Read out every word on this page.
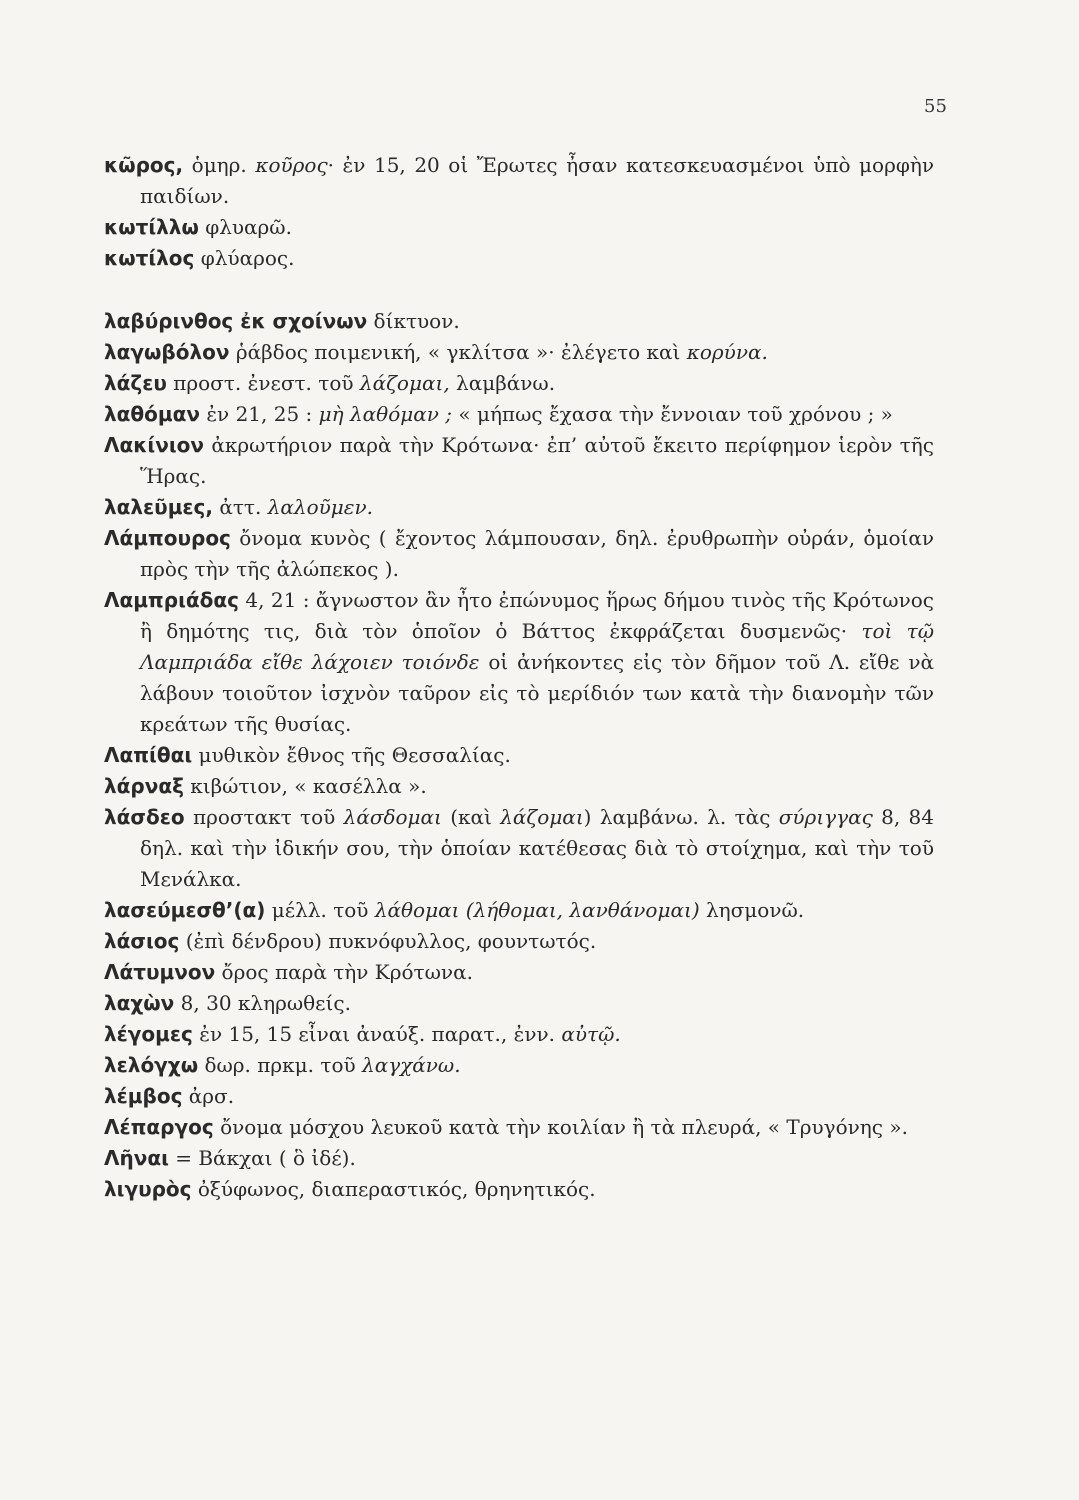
55
κῶρος, ὁμηρ. κοῦρος· ἐν 15, 20 οἱ Ἔρωτες ἦσαν κατεσκευασμένοι ὑπὸ μορφὴν παιδίων.
κωτίλλω φλυαρῶ.
κωτίλος φλύαρος.
λαβύρινθος ἐκ σχοίνων δίκτυον.
λαγωβόλον ῥάβδος ποιμενική, « γκλίτσα »· ἐλέγετο καὶ κορύνα.
λάζευ προστ. ἐνεστ. τοῦ λάζομαι, λαμβάνω.
λαθόμαν ἐν 21, 25 : μὴ λαθόμαν ; « μήπως ἔχασα τὴν ἔννοιαν τοῦ χρόνου ; »
Λακίνιον ἀκρωτήριον παρὰ τὴν Κρότωνα· ἐπ’ αὐτοῦ ἔκειτο περίφημον ἱερὸν τῆς Ἥρας.
λαλεῦμες, ἀττ. λαλοῦμεν.
Λάμπουρος ὄνομα κυνὸς ( ἔχοντος λάμπουσαν, δηλ. ἐρυθρωπὴν οὐράν, ὁμοίαν πρὸς τὴν τῆς ἀλώπεκος ).
Λαμπριάδας 4, 21 : ἄγνωστον ἂν ἦτο ἐπώνυμος ἥρως δήμου τινὸς τῆς Κρότωνος ἢ δημότης τις, διὰ τὸν ὁποῖον ὁ Βάττος ἐκφράζεται δυσμενῶς· τοὶ τῷ Λαμπριάδα εἴθε λάχοιεν τοιόνδε οἱ ἀνήκοντες εἰς τὸν δῆμον τοῦ Λ. εἴθε νὰ λάβουν τοιοῦτον ἰσχνὸν ταῦρον εἰς τὸ μερίδιόν των κατὰ τὴν διανομὴν τῶν κρεάτων τῆς θυσίας.
Λαπίθαι μυθικὸν ἔθνος τῆς Θεσσαλίας.
λάρναξ κιβώτιον, « κασέλλα ».
λάσδεο προστακτ τοῦ λάσδομαι (καὶ λάζομαι) λαμβάνω. λ. τὰς σύριγγας 8, 84 δηλ. καὶ τὴν ἰδικήν σου, τὴν ὁποίαν κατέθεσας διὰ τὸ στοίχημα, καὶ τὴν τοῦ Μενάλκα.
λασεύμεσθ’(α) μέλλ. τοῦ λάθομαι (λήθομαι, λανθάνομαι) λησμονῶ.
λάσιος (ἐπὶ δένδρου) πυκνόφυλλος, φουντωτός.
Λάτυμνον ὄρος παρὰ τὴν Κρότωνα.
λαχὼν 8, 30 κληρωθείς.
λέγομες ἐν 15, 15 εἶναι ἀναύξ. παρατ., ἐνν. αὐτῷ.
λελόγχω δωρ. πρκμ. τοῦ λαγχάνω.
λέμβος ἀρσ.
Λέπαργος ὄνομα μόσχου λευκοῦ κατὰ τὴν κοιλίαν ἢ τὰ πλευρά, « Τρυγόνης ».
Λῆναι = Βάκχαι ( ὃ ἰδέ).
λιγυρὸς ὀξύφωνος, διαπεραστικός, θρηνητικός.
